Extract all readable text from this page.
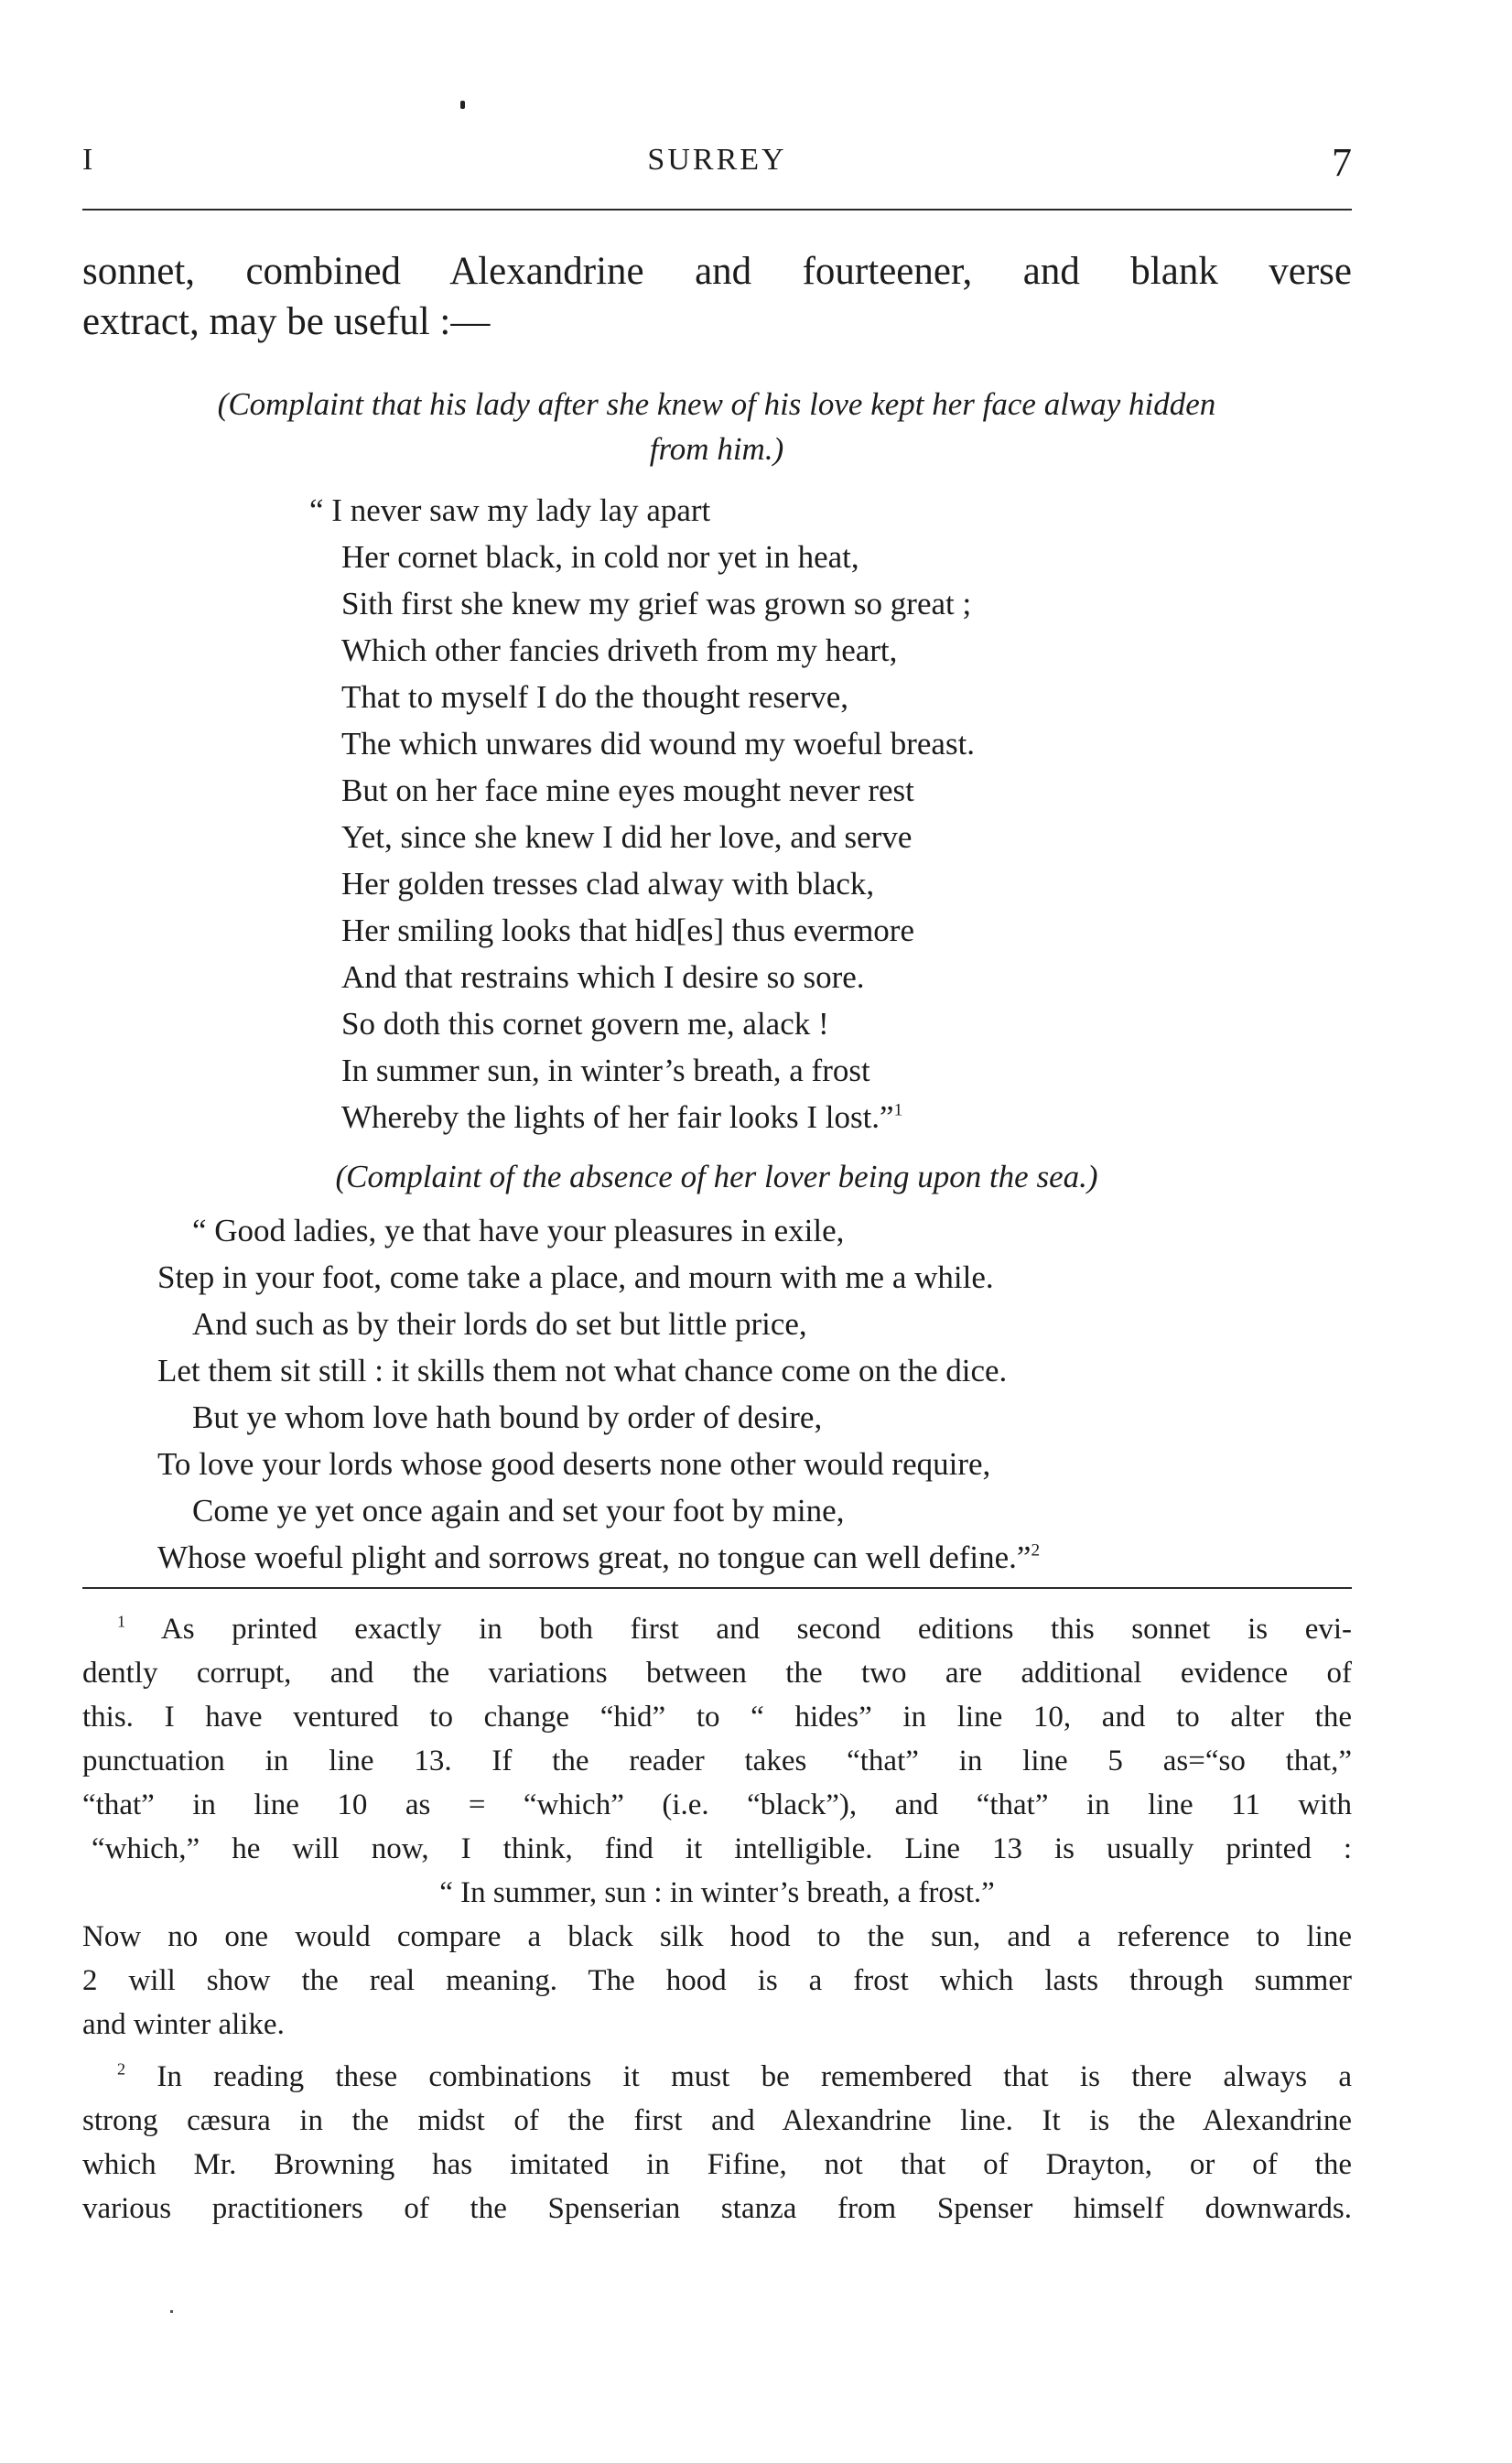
I	SURREY	7
sonnet, combined Alexandrine and fourteener, and blank verse
extract, may be useful :—
(Complaint that his lady after she knew of his love kept her face alway hidden
from him.)
“ I never saw my lady lay apart
Her cornet black, in cold nor yet in heat,
Sith first she knew my grief was grown so great ;
Which other fancies driveth from my heart,
That to myself I do the thought reserve,
The which unwares did wound my woeful breast.
But on her face mine eyes mought never rest
Yet, since she knew I did her love, and serve
Her golden tresses clad alway with black,
Her smiling looks that hid[es] thus evermore
And that restrains which I desire so sore.
So doth this cornet govern me, alack !
In summer sun, in winter’s breath, a frost
Whereby the lights of her fair looks I lost.”$^1$
(Complaint of the absence of her lover being upon the sea.)
“ Good ladies, ye that have your pleasures in exile,
Step in your foot, come take a place, and mourn with me a while.
And such as by their lords do set but little price,
Let them sit still : it skills them not what chance come on the dice.
But ye whom love hath bound by order of desire,
To love your lords whose good deserts none other would require,
Come ye yet once again and set your foot by mine,
Whose woeful plight and sorrows great, no tongue can well define.”$^2$
$^1$ As printed exactly in both first and second editions this sonnet is evi-
dently corrupt, and the variations between the two are additional evidence of
this. I have ventured to change “hid” to “ hides” in line 10, and to alter the
punctuation in line 13. If the reader takes “that” in line 5 as=“so that,”
“that” in line 10 as = “which” (i.e. “black”), and “that” in line 11 with
“which,” he will now, I think, find it intelligible. Line 13 is usually printed :
“ In summer, sun : in winter’s breath, a frost.”
Now no one would compare a black silk hood to the sun, and a reference to line
2 will show the real meaning. The hood is a frost which lasts through summer
and winter alike.
$^2$ In reading these combinations it must be remembered that is there always a
strong cæsura in the midst of the first and Alexandrine line. It is the Alexandrine
which Mr. Browning has imitated in Fifine, not that of Drayton, or of the
various practitioners of the Spenserian stanza from Spenser himself downwards.
